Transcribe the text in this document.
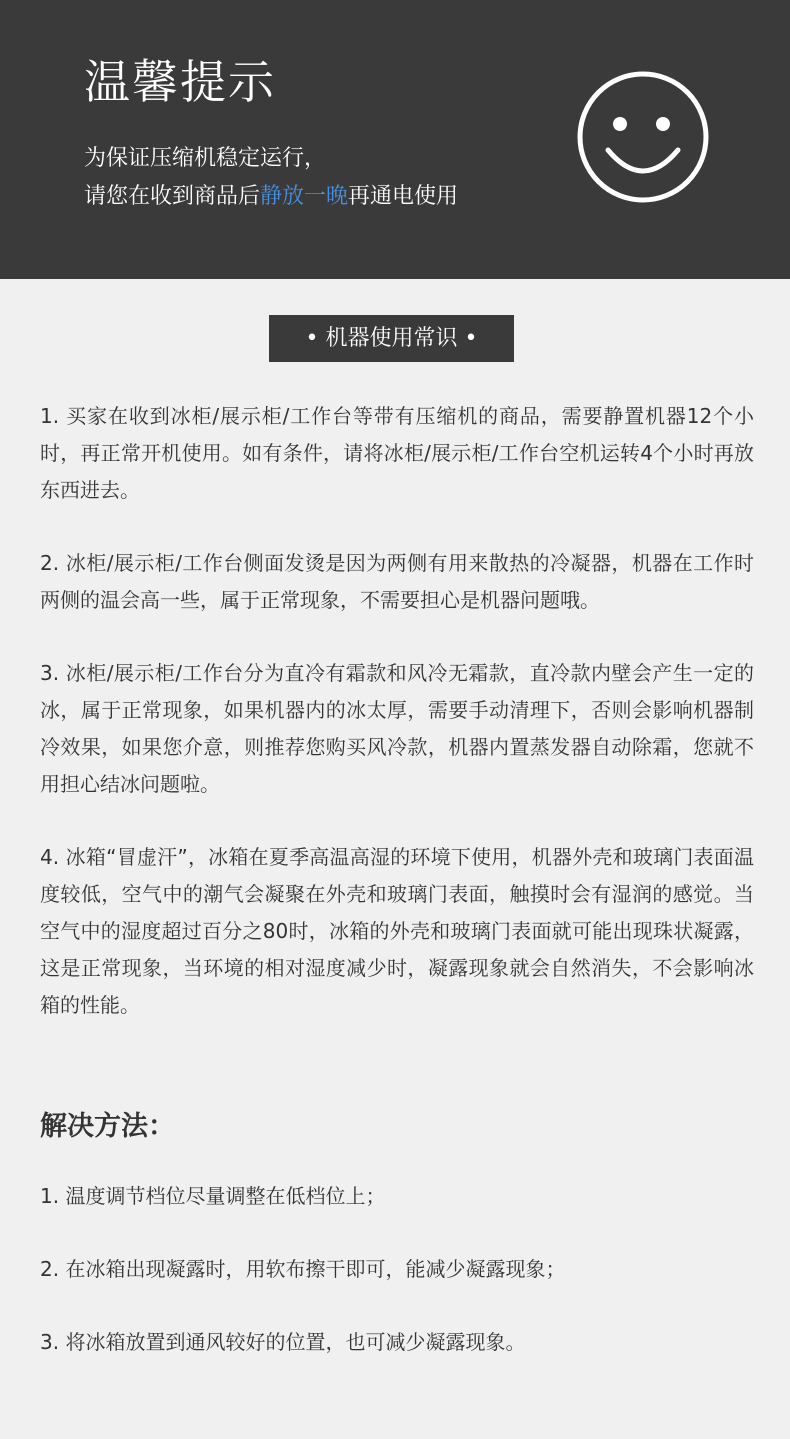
温馨提示
为保证压缩机稳定运行，
请您在收到商品后静放一晚再通电使用
• 机器使用常识 •

1. 买家在收到冰柜/展示柜/工作台等带有压缩机的商品，需要静置机器12个小时，再正常开机使用。如有条件，请将冰柜/展示柜/工作台空机运转4个小时再放东西进去。

2. 冰柜/展示柜/工作台侧面发烫是因为两侧有用来散热的冷凝器，机器在工作时两侧的温会高一些，属于正常现象，不需要担心是机器问题哦。

3. 冰柜/展示柜/工作台分为直冷有霜款和风冷无霜款，直冷款内壁会产生一定的冰，属于正常现象，如果机器内的冰太厚，需要手动清理下，否则会影响机器制冷效果，如果您介意，则推荐您购买风冷款，机器内置蒸发器自动除霜，您就不用担心结冰问题啦。

4. 冰箱“冒虚汗”，冰箱在夏季高温高湿的环境下使用，机器外壳和玻璃门表面温度较低，空气中的潮气会凝聚在外壳和玻璃门表面，触摸时会有湿润的感觉。当空气中的湿度超过百分之80时，冰箱的外壳和玻璃门表面就可能出现珠状凝露，这是正常现象，当环境的相对湿度减少时，凝露现象就会自然消失，不会影响冰箱的性能。

解决方法：
1. 温度调节档位尽量调整在低档位上；
2. 在冰箱出现凝露时，用软布擦干即可，能减少凝露现象；
3. 将冰箱放置到通风较好的位置，也可减少凝露现象。
